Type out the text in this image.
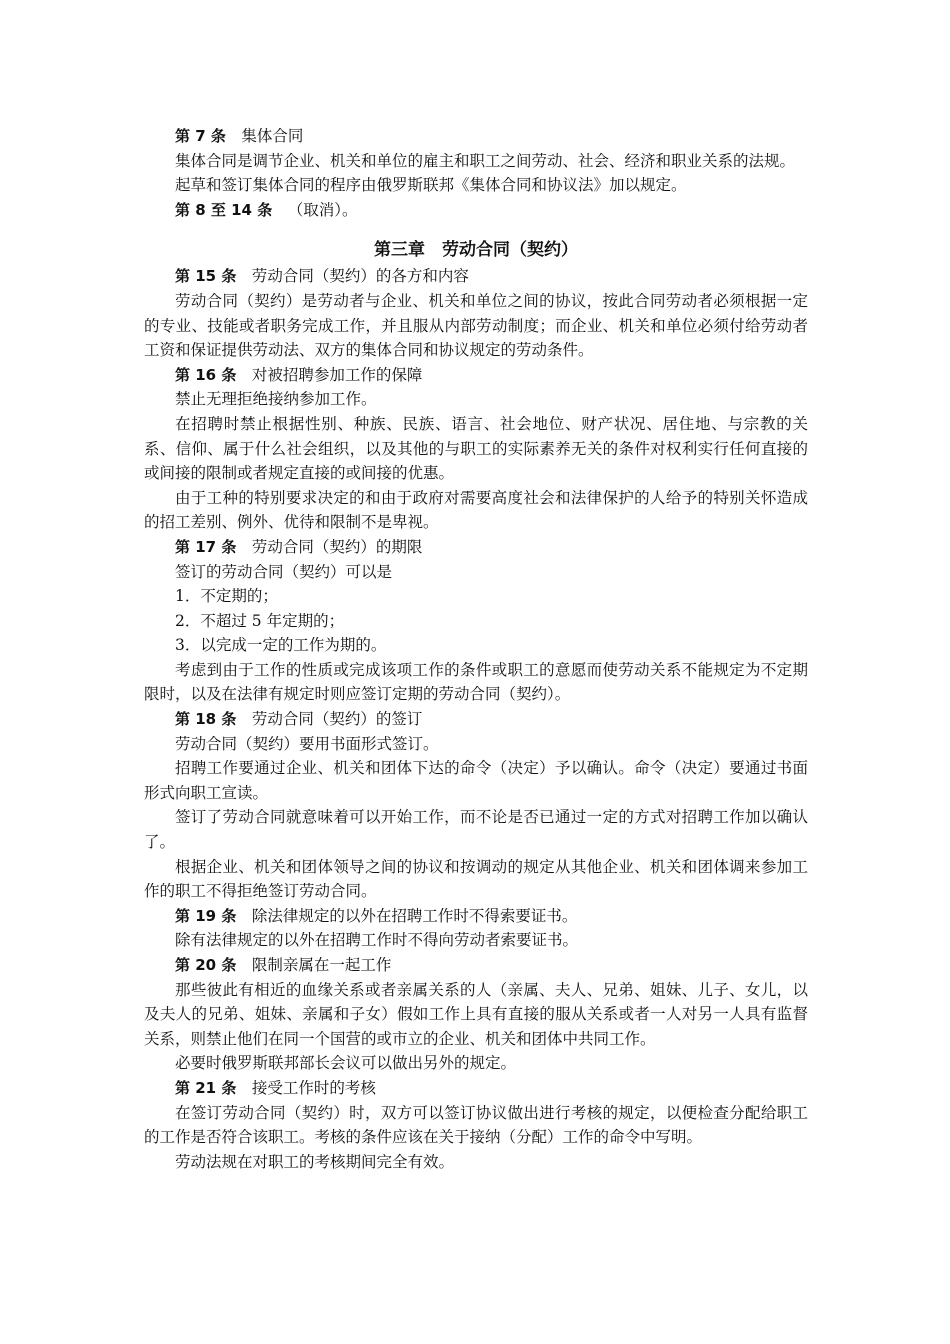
第 7 条 集体合同

集体合同是调节企业、机关和单位的雇主和职工之间劳动、社会、经济和职业关系的法规。

起草和签订集体合同的程序由俄罗斯联邦《集体合同和协议法》加以规定。

第 8 至 14 条 （取消）。

第三章 劳动合同（契约）

第 15 条 劳动合同（契约）的各方和内容

劳动合同（契约）是劳动者与企业、机关和单位之间的协议，按此合同劳动者必须根据一定的专业、技能或者职务完成工作，并且服从内部劳动制度；而企业、机关和单位必须付给劳动者工资和保证提供劳动法、双方的集体合同和协议规定的劳动条件。

第 16 条 对被招聘参加工作的保障

禁止无理拒绝接纳参加工作。

在招聘时禁止根据性别、种族、民族、语言、社会地位、财产状况、居住地、与宗教的关系、信仰、属于什么社会组织，以及其他的与职工的实际素养无关的条件对权利实行任何直接的或间接的限制或者规定直接的或间接的优惠。

由于工种的特别要求决定的和由于政府对需要高度社会和法律保护的人给予的特别关怀造成的招工差别、例外、优待和限制不是卑视。

第 17 条 劳动合同（契约）的期限

签订的劳动合同（契约）可以是

1．不定期的；

2．不超过 5 年定期的；

3．以完成一定的工作为期的。

考虑到由于工作的性质或完成该项工作的条件或职工的意愿而使劳动关系不能规定为不定期限时，以及在法律有规定时则应签订定期的劳动合同（契约）。

第 18 条 劳动合同（契约）的签订

劳动合同（契约）要用书面形式签订。

招聘工作要通过企业、机关和团体下达的命令（决定）予以确认。命令（决定）要通过书面形式向职工宣读。

签订了劳动合同就意味着可以开始工作，而不论是否已通过一定的方式对招聘工作加以确认了。

根据企业、机关和团体领导之间的协议和按调动的规定从其他企业、机关和团体调来参加工作的职工不得拒绝签订劳动合同。

第 19 条 除法律规定的以外在招聘工作时不得索要证书。

除有法律规定的以外在招聘工作时不得向劳动者索要证书。

第 20 条 限制亲属在一起工作

那些彼此有相近的血缘关系或者亲属关系的人（亲属、夫人、兄弟、姐妹、儿子、女儿，以及夫人的兄弟、姐妹、亲属和子女）假如工作上具有直接的服从关系或者一人对另一人具有监督关系，则禁止他们在同一个国营的或市立的企业、机关和团体中共同工作。

必要时俄罗斯联邦部长会议可以做出另外的规定。

第 21 条 接受工作时的考核

在签订劳动合同（契约）时，双方可以签订协议做出进行考核的规定，以便检查分配给职工的工作是否符合该职工。考核的条件应该在关于接纳（分配）工作的命令中写明。

劳动法规在对职工的考核期间完全有效。
